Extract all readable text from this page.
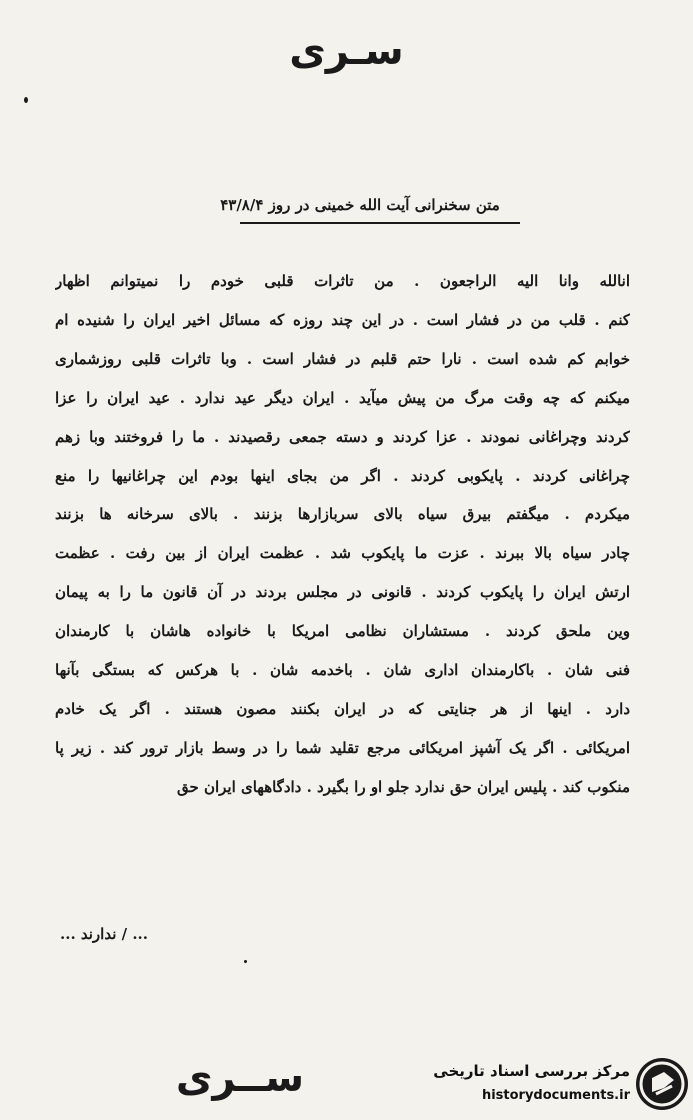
سـری
متن سخنرانی آیت الله خمینی در روز ۴۳/۸/۴
انالله وانا الیه الراجعون . من تاثرات قلبی خودم را نمیتوانم اظهار
کنم . قلب من در فشار است . در این چند روزه که مسائل اخیر ایران را شنیده ام
خوابم کم شده است . نارا حتم قلبم در فشار است . وبا تاثرات قلبی روزشماری
میکنم که چه وقت مرگ من پیش میآید . ایران دیگر عید ندارد . عید ایران را عزا
کردند وچراغانی نمودند . عزا کردند و دسته جمعی رقصیدند . ما را فروختند وبا زهم
چراغانی کردند . پایکوبی کردند . اگر من بجای اینها بودم این چراغانیها را منع
میکردم . میگفتم بیرق سیاه بالای سربازارها بزنند . بالای سرخانه ها بزنند
چادر سیاه بالا ببرند . عزت ما پایکوب شد . عظمت ایران از بین رفت . عظمت
ارتش ایران را پایکوب کردند . قانونی در مجلس بردند در آن قانون ما را به پیمان
وین ملحق کردند . مستشاران نظامی امریکا با خانواده هاشان با کارمندان
فنی شان . باکارمندان اداری شان . باخدمه شان . با هرکس که بستگی بآنها
دارد . اینها از هر جنایتی که در ایران بکنند مصون هستند . اگر یک خادم
امریکائی . اگر یک آشپز امریکائی مرجع تقلید شما را در وسط بازار ترور کند . زیر پا
منکوب کند . پلیس ایران حق ندارد جلو او را بگیرد . دادگاههای ایران حق
... / ندارند ...
ســری	مرکز بررسی اسناد تاریخی
historydocuments.ir
